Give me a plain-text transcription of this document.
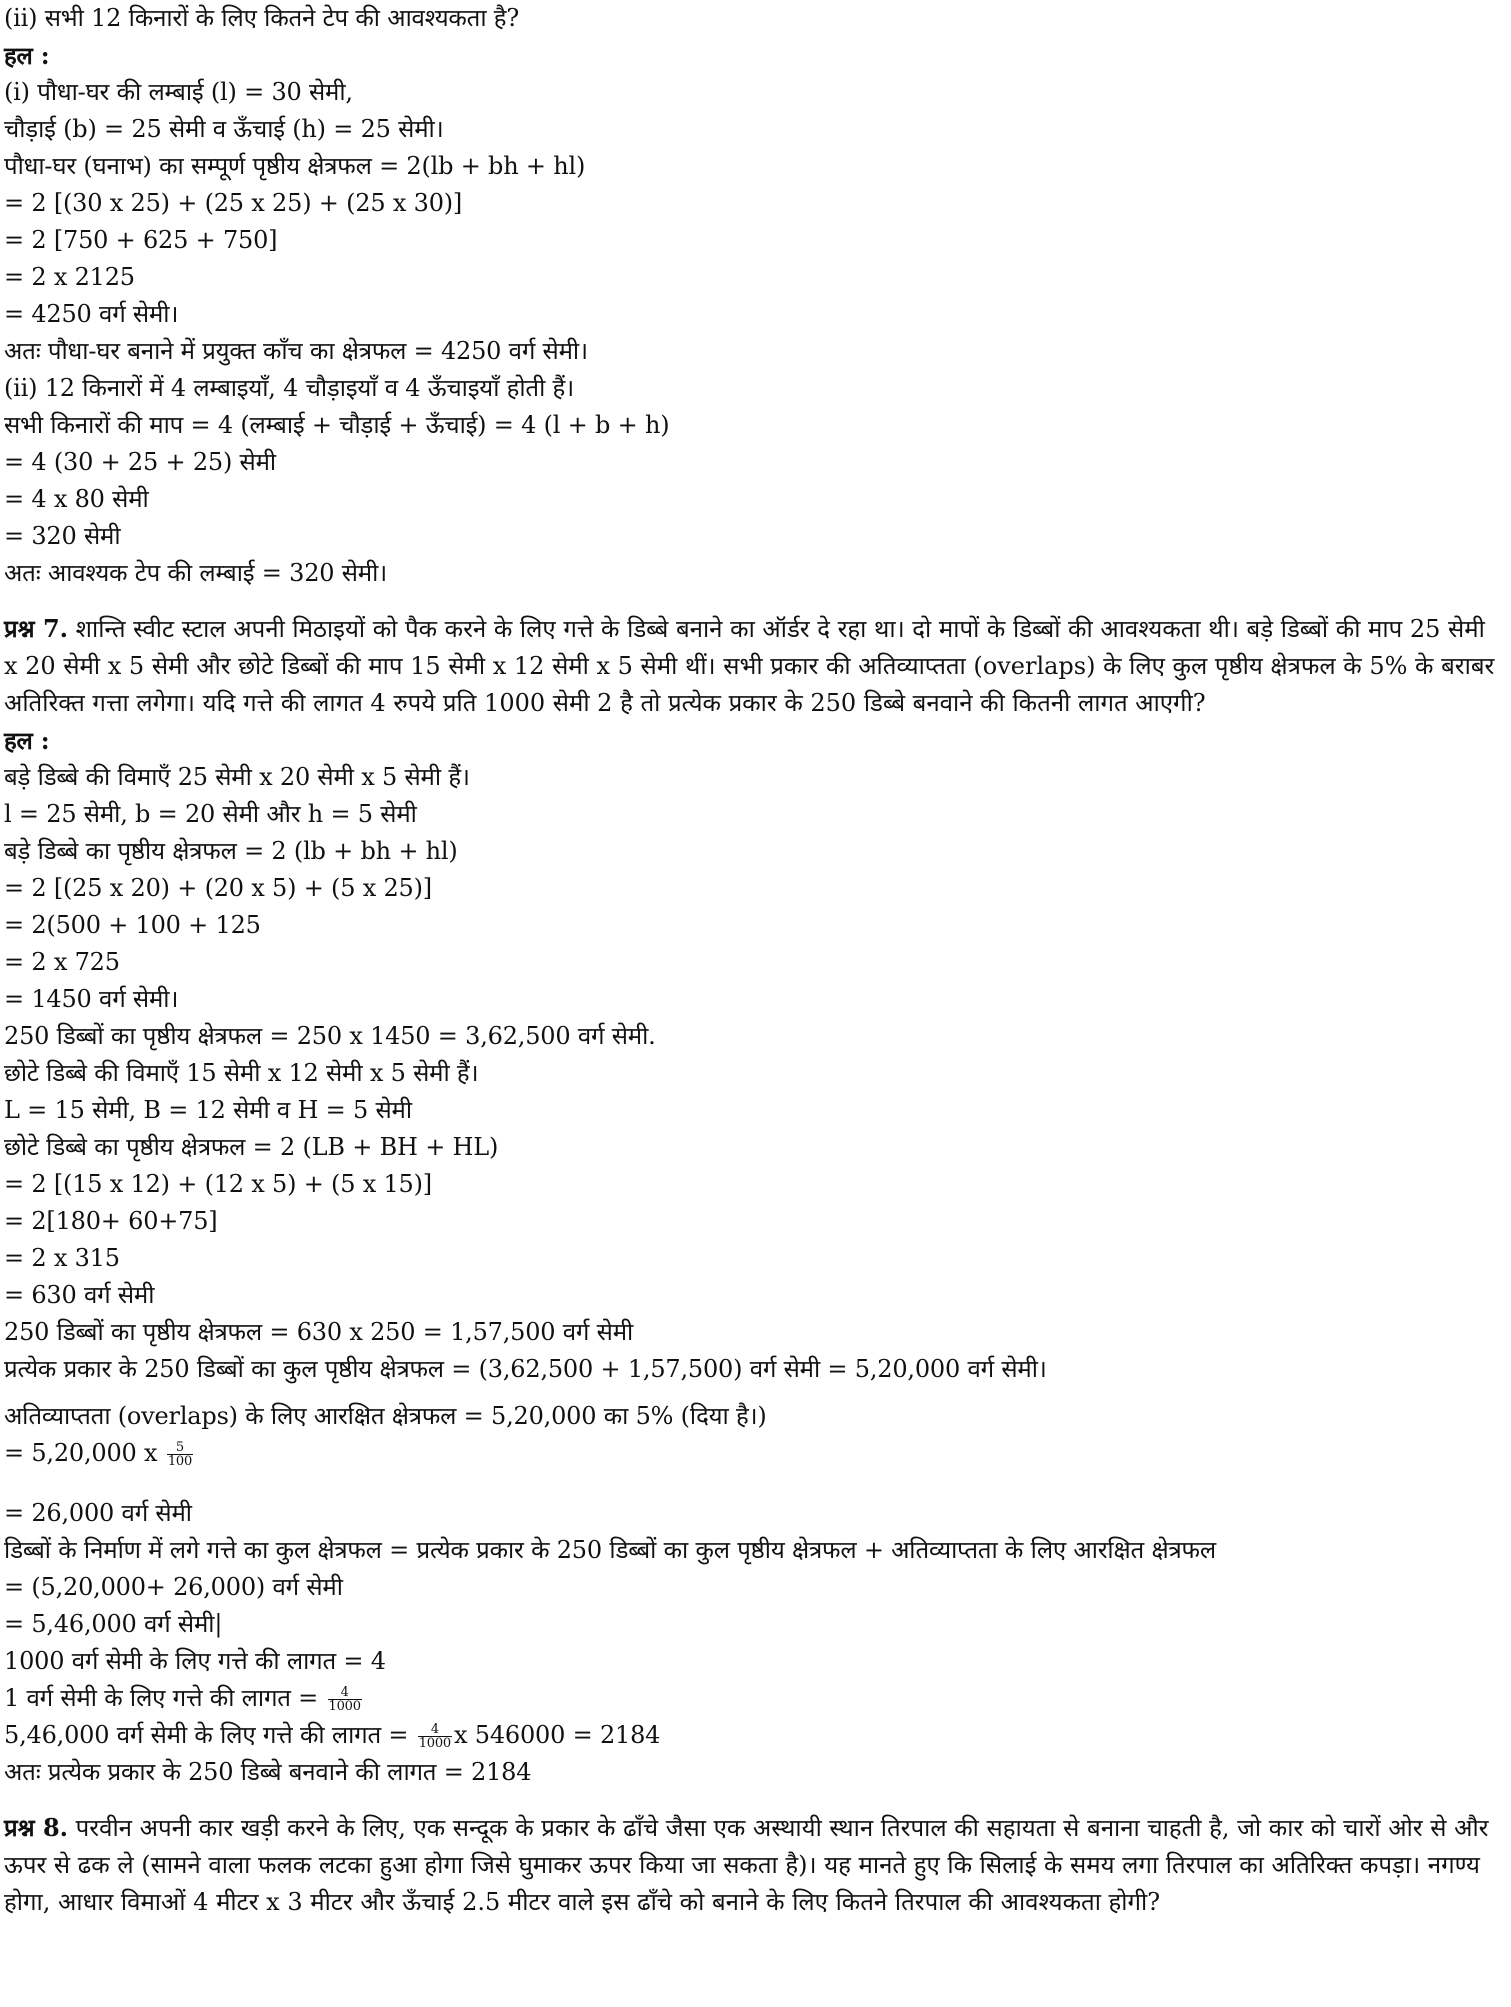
(ii) सभी 12 किनारों के लिए कितने टेप की आवश्यकता है?
हल :
(i) पौधा-घर की लम्बाई (l) = 30 सेमी,
चौड़ाई (b) = 25 सेमी व ऊँचाई (h) = 25 सेमी।
पौधा-घर (घनाभ) का सम्पूर्ण पृष्ठीय क्षेत्रफल = 2(lb + bh + hl)
= 2 [(30 x 25) + (25 x 25) + (25 x 30)]
= 2 [750 + 625 + 750]
= 2 x 2125
= 4250 वर्ग सेमी।
अतः पौधा-घर बनाने में प्रयुक्त काँच का क्षेत्रफल = 4250 वर्ग सेमी।
(ii) 12 किनारों में 4 लम्बाइयाँ, 4 चौड़ाइयाँ व 4 ऊँचाइयाँ होती हैं।
सभी किनारों की माप = 4 (लम्बाई + चौड़ाई + ऊँचाई) = 4 (l + b + h)
= 4 (30 + 25 + 25) सेमी
= 4 x 80 सेमी
= 320 सेमी
अतः आवश्यक टेप की लम्बाई = 320 सेमी।
प्रश्न 7. शान्ति स्वीट स्टाल अपनी मिठाइयों को पैक करने के लिए गत्ते के डिब्बे बनाने का ऑर्डर दे रहा था। दो मापों के डिब्बों की आवश्यकता थी। बड़े डिब्बों की माप 25 सेमी x 20 सेमी x 5 सेमी और छोटे डिब्बों की माप 15 सेमी x 12 सेमी x 5 सेमी थीं। सभी प्रकार की अतिव्याप्तता (overlaps) के लिए कुल पृष्ठीय क्षेत्रफल के 5% के बराबर अतिरिक्त गत्ता लगेगा। यदि गत्ते की लागत 4 रुपये प्रति 1000 सेमी 2 है तो प्रत्येक प्रकार के 250 डिब्बे बनवाने की कितनी लागत आएगी?
हल :
बड़े डिब्बे की विमाएँ 25 सेमी x 20 सेमी x 5 सेमी हैं।
l = 25 सेमी, b = 20 सेमी और h = 5 सेमी
बड़े डिब्बे का पृष्ठीय क्षेत्रफल = 2 (lb + bh + hl)
= 2 [(25 x 20) + (20 x 5) + (5 x 25)]
= 2(500 + 100 + 125
= 2 x 725
= 1450 वर्ग सेमी।
250 डिब्बों का पृष्ठीय क्षेत्रफल = 250 x 1450 = 3,62,500 वर्ग सेमी.
छोटे डिब्बे की विमाएँ 15 सेमी x 12 सेमी x 5 सेमी हैं।
L = 15 सेमी, B = 12 सेमी व H = 5 सेमी
छोटे डिब्बे का पृष्ठीय क्षेत्रफल = 2 (LB + BH + HL)
= 2 [(15 x 12) + (12 x 5) + (5 x 15)]
= 2[180+ 60+75]
= 2 x 315
= 630 वर्ग सेमी
250 डिब्बों का पृष्ठीय क्षेत्रफल = 630 x 250 = 1,57,500 वर्ग सेमी
प्रत्येक प्रकार के 250 डिब्बों का कुल पृष्ठीय क्षेत्रफल = (3,62,500 + 1,57,500) वर्ग सेमी = 5,20,000 वर्ग सेमी।
अतिव्याप्तता (overlaps) के लिए आरक्षित क्षेत्रफल = 5,20,000 का 5% (दिया है।)
= 5,20,000 x $\frac{5}{100}$
= 26,000 वर्ग सेमी
डिब्बों के निर्माण में लगे गत्ते का कुल क्षेत्रफल = प्रत्येक प्रकार के 250 डिब्बों का कुल पृष्ठीय क्षेत्रफल + अतिव्याप्तता के लिए आरक्षित क्षेत्रफल
= (5,20,000+ 26,000) वर्ग सेमी
= 5,46,000 वर्ग सेमी|
1000 वर्ग सेमी के लिए गत्ते की लागत = 4
1 वर्ग सेमी के लिए गत्ते की लागत = $\frac{4}{1000}$
5,46,000 वर्ग सेमी के लिए गत्ते की लागत = $\frac{4}{1000}$ x 546000 = 2184
अतः प्रत्येक प्रकार के 250 डिब्बे बनवाने की लागत = 2184
प्रश्न 8. परवीन अपनी कार खड़ी करने के लिए, एक सन्दूक के प्रकार के ढाँचे जैसा एक अस्थायी स्थान तिरपाल की सहायता से बनाना चाहती है, जो कार को चारों ओर से और ऊपर से ढक ले (सामने वाला फलक लटका हुआ होगा जिसे घुमाकर ऊपर किया जा सकता है)। यह मानते हुए कि सिलाई के समय लगा तिरपाल का अतिरिक्त कपड़ा। नगण्य होगा, आधार विमाओं 4 मीटर x 3 मीटर और ऊँचाई 2.5 मीटर वाले इस ढाँचे को बनाने के लिए कितने तिरपाल की आवश्यकता होगी?
